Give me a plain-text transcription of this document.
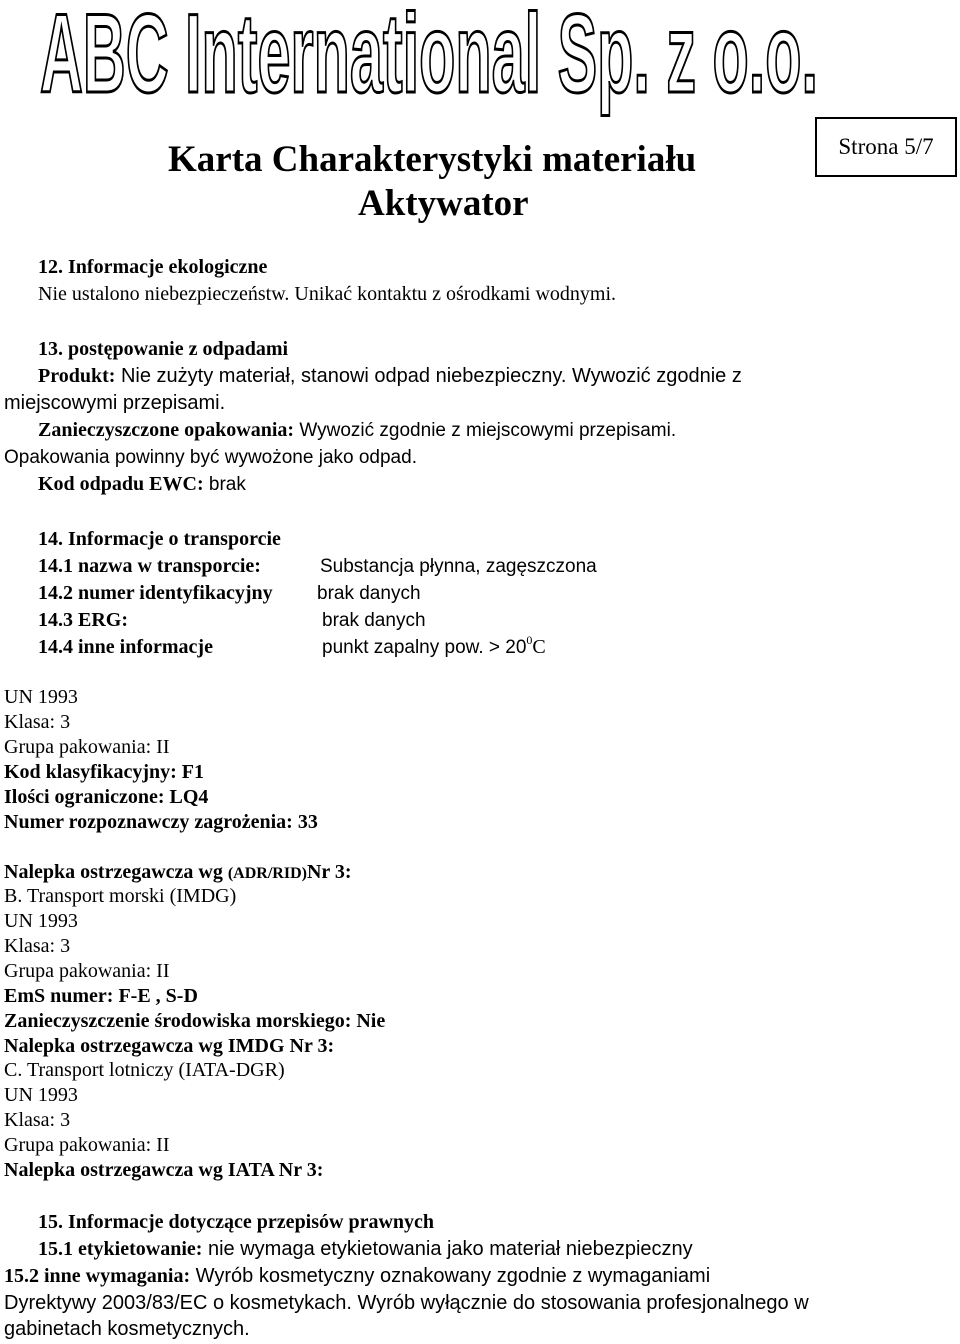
ABC International Sp. z o.o.
Karta Charakterystyki materiału
Aktywator
Strona 5/7
12. Informacje ekologiczne
Nie ustalono niebezpieczeństw. Unikać kontaktu z ośrodkami wodnymi.
13. postępowanie z odpadami
Produkt: Nie zużyty materiał, stanowi odpad niebezpieczny. Wywozić zgodnie z
miejscowymi przepisami.
Zanieczyszczone opakowania: Wywozić zgodnie z miejscowymi przepisami.
Opakowania powinny być wywożone jako odpad.
Kod odpadu EWC: brak
14. Informacje o transporcie
14.1 nazwa w transporcie:	Substancja płynna, zagęszczona
14.2 numer identyfikacyjny brak danych
14.3 ERG:	brak danych
14.4 inne informacje	punkt zapalny pow. > $20^0C$
UN 1993
Klasa: 3
Grupa pakowania: II
Kod klasyfikacyjny: F1
Ilości ograniczone: LQ4
Numer rozpoznawczy zagrożenia: 33
Nalepka ostrzegawcza wg (ADR/RID)Nr 3:
B. Transport morski (IMDG)
UN 1993
Klasa: 3
Grupa pakowania: II
EmS numer: F-E , S-D
Zanieczyszczenie środowiska morskiego: Nie
Nalepka ostrzegawcza wg IMDG Nr 3:
C. Transport lotniczy (IATA-DGR)
UN 1993
Klasa: 3
Grupa pakowania: II
Nalepka ostrzegawcza wg IATA Nr 3:
15. Informacje dotyczące przepisów prawnych
15.1 etykietowanie: nie wymaga etykietowania jako materiał niebezpieczny
15.2 inne wymagania: Wyrób kosmetyczny oznakowany zgodnie z wymaganiami
Dyrektywy 2003/83/EC o kosmetykach. Wyrób wyłącznie do stosowania profesjonalnego w
gabinetach kosmetycznych.
